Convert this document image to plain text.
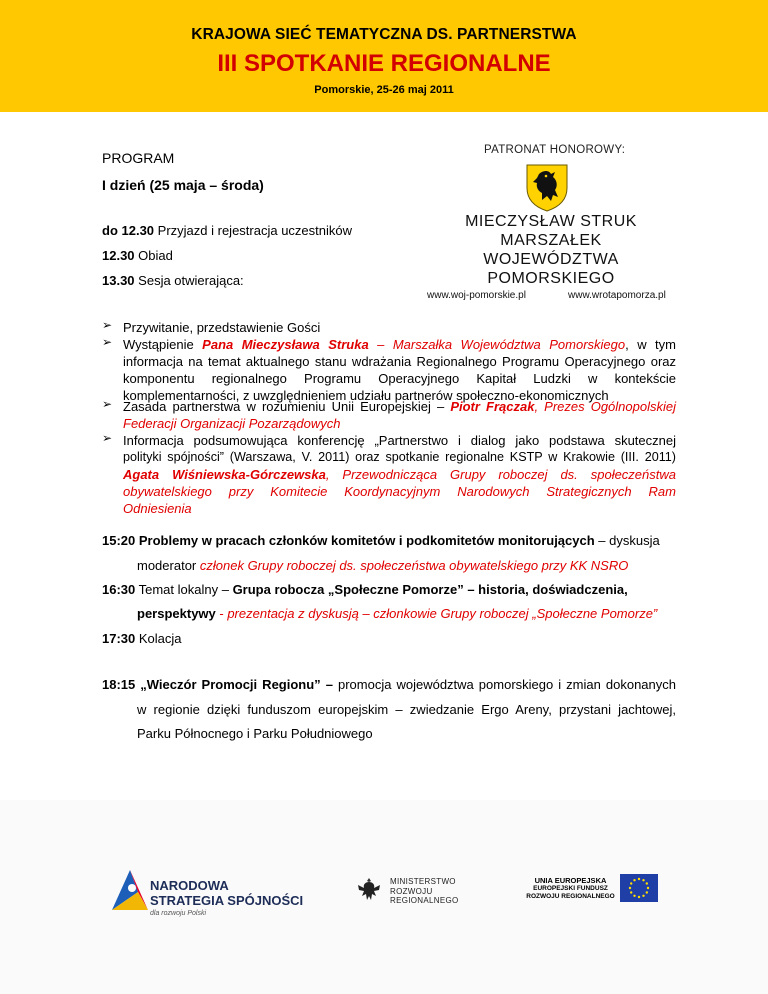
KRAJOWA SIEĆ TEMATYCZNA DS. PARTNERSTWA
III SPOTKANIE REGIONALNE
Pomorskie, 25-26 maj 2011
PATRONAT HONOROWY:
MIECZYSŁAW STRUK
MARSZAŁEK
WOJEWÓDZTWA POMORSKIEGO
www.woj-pomorskie.pl	www.wrotapomorza.pl
PROGRAM
I dzień (25 maja – środa)
do 12.30 Przyjazd i rejestracja uczestników
12.30 Obiad
13.30 Sesja otwierająca:
➢ Przywitanie, przedstawienie Gości
➢ Wystąpienie Pana Mieczysława Struka – Marszałka Województwa Pomorskiego, w tym
informacja na temat aktualnego stanu wdrażania Regionalnego Programu Operacyjnego oraz
komponentu regionalnego Programu Operacyjnego Kapitał Ludzki w kontekście
komplementarności, z uwzględnieniem udziału partnerów społeczno-ekonomicznych
➢ Zasada partnerstwa w rozumieniu Unii Europejskiej – Piotr Frączak, Prezes Ogólnopolskiej
Federacji Organizacji Pozarządowych
➢ Informacja podsumowująca konferencję „Partnerstwo i dialog jako podstawa skutecznej
polityki spójności” (Warszawa, V. 2011) oraz spotkanie regionalne KSTP w Krakowie (III. 2011)
Agata Wiśniewska-Górczewska, Przewodnicząca Grupy roboczej ds. społeczeństwa
obywatelskiego przy Komitecie Koordynacyjnym Narodowych Strategicznych Ram
Odniesienia
15:20 Problemy w pracach członków komitetów i podkomitetów monitorujących – dyskusja
moderator członek Grupy roboczej ds. społeczeństwa obywatelskiego przy KK NSRO
16:30 Temat lokalny – Grupa robocza „Społeczne Pomorze” – historia, doświadczenia,
perspektywy - prezentacja z dyskusją – członkowie Grupy roboczej „Społeczne Pomorze”
17:30 Kolacja
18:15 „Wieczór Promocji Regionu” – promocja województwa pomorskiego i zmian dokonanych
w regionie dzięki funduszom europejskim – zwiedzanie Ergo Areny, przystani jachtowej,
Parku Północnego i Parku Południowego
NARODOWA
STRATEGIA SPÓJNOŚCI
dla rozwoju Polski
MINISTERSTWO
ROZWOJU
REGIONALNEGO
UNIA EUROPEJSKA
EUROPEJSKI FUNDUSZ
ROZWOJU REGIONALNEGO
